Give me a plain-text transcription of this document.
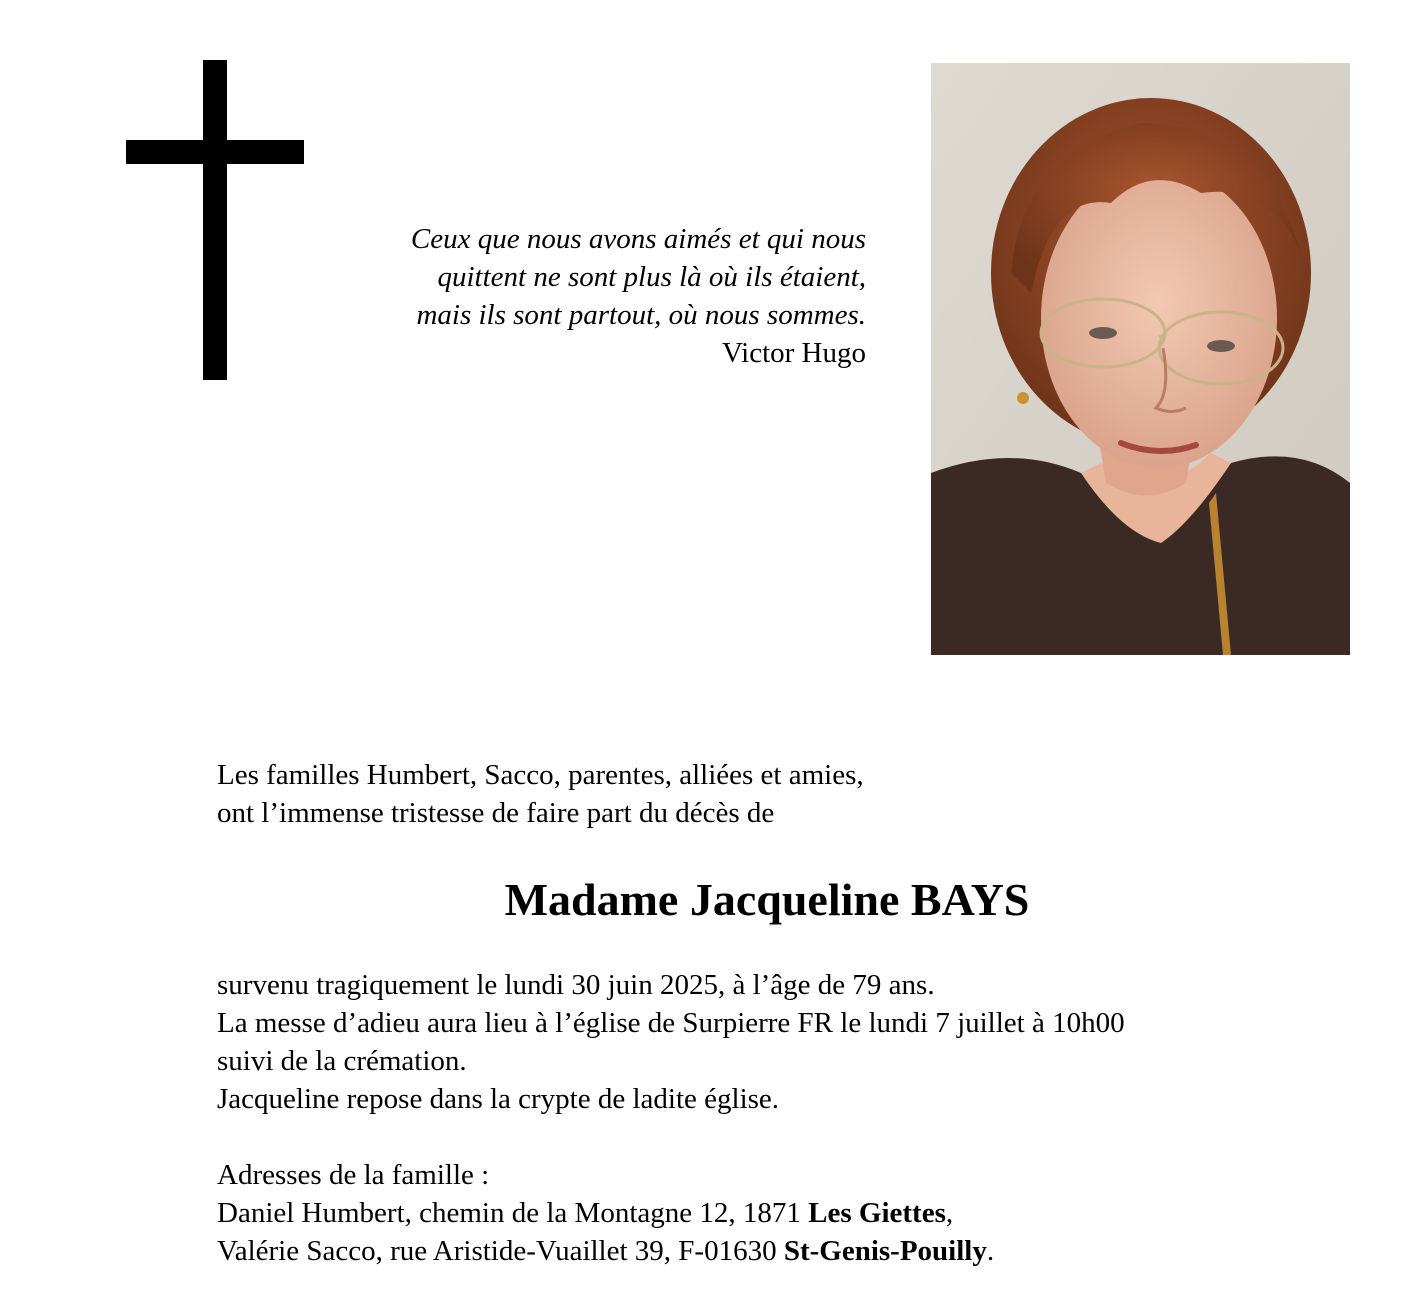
Ceux que nous avons aimés et qui nous
quittent ne sont plus là où ils étaient,
mais ils sont partout, où nous sommes.
Victor Hugo
Les familles Humbert, Sacco, parentes, alliées et amies,
ont l’immense tristesse de faire part du décès de
Madame Jacqueline BAYS
survenu tragiquement le lundi 30 juin 2025, à l’âge de 79 ans.
La messe d’adieu aura lieu à l’église de Surpierre FR le lundi 7 juillet à 10h00
suivi de la crémation.
Jacqueline repose dans la crypte de ladite église.
Adresses de la famille :
Daniel Humbert, chemin de la Montagne 12, 1871 Les Giettes,
Valérie Sacco, rue Aristide-Vuaillet 39, F-01630 St-Genis-Pouilly.
